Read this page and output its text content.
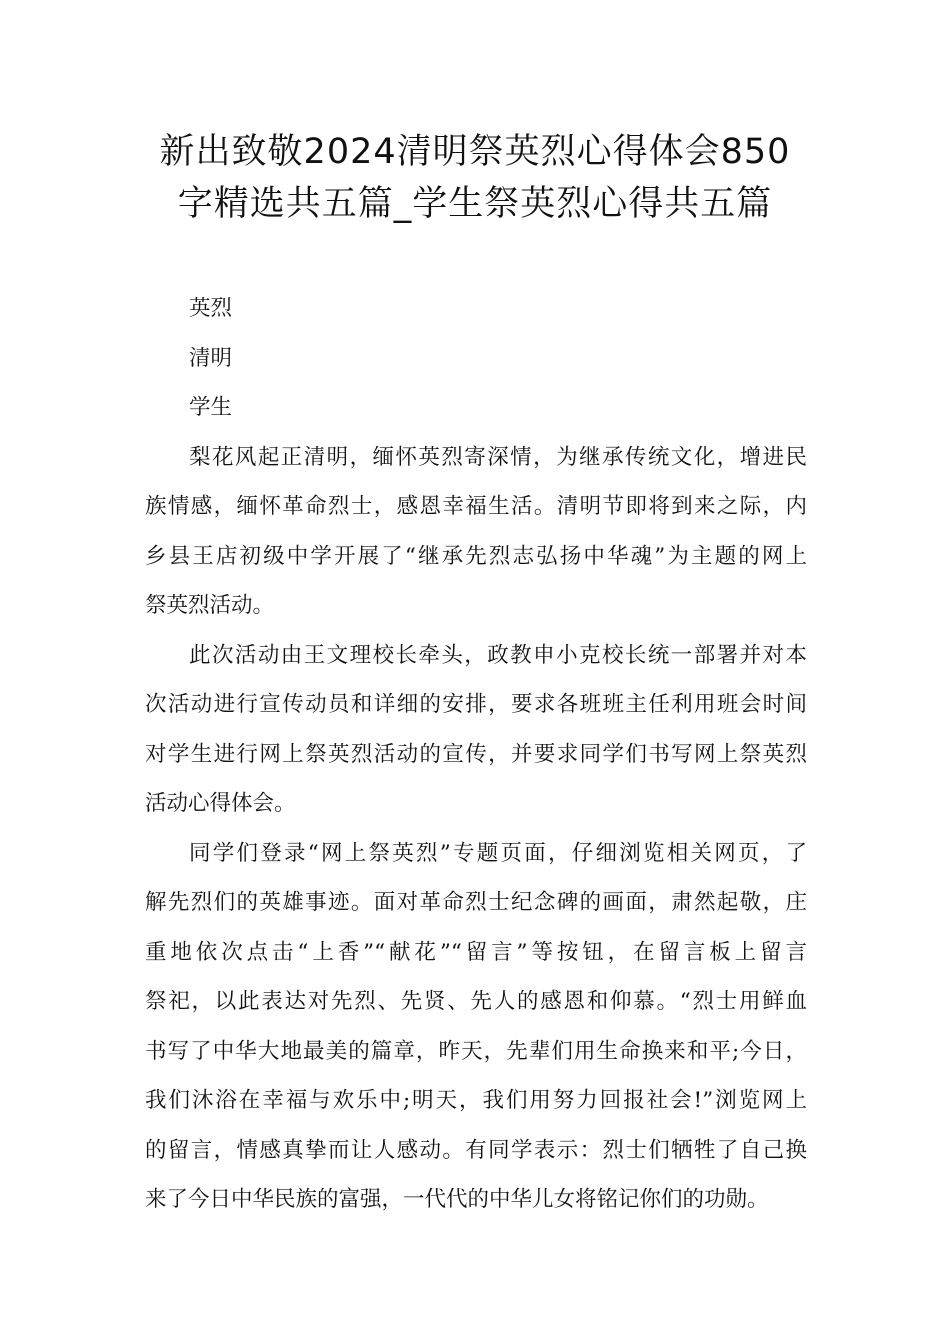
新出致敬2024清明祭英烈心得体会850
字精选共五篇_学生祭英烈心得共五篇

英烈

清明

学生

梨花风起正清明，缅怀英烈寄深情，为继承传统文化，增进民
族情感，缅怀革命烈士，感恩幸福生活。清明节即将到来之际，内
乡县王店初级中学开展了“继承先烈志弘扬中华魂”为主题的网上
祭英烈活动。

此次活动由王文理校长牵头，政教申小克校长统一部署并对本
次活动进行宣传动员和详细的安排，要求各班班主任利用班会时间
对学生进行网上祭英烈活动的宣传，并要求同学们书写网上祭英烈
活动心得体会。

同学们登录“网上祭英烈”专题页面，仔细浏览相关网页，了
解先烈们的英雄事迹。面对革命烈士纪念碑的画面，肃然起敬，庄
重地依次点击“上香”“献花”“留言”等按钮，在留言板上留言
祭祀，以此表达对先烈、先贤、先人的感恩和仰慕。“烈士用鲜血
书写了中华大地最美的篇章，昨天，先辈们用生命换来和平;今日，
我们沐浴在幸福与欢乐中;明天，我们用努力回报社会!”浏览网上
的留言，情感真挚而让人感动。有同学表示：烈士们牺牲了自己换
来了今日中华民族的富强，一代代的中华儿女将铭记你们的功勋。
